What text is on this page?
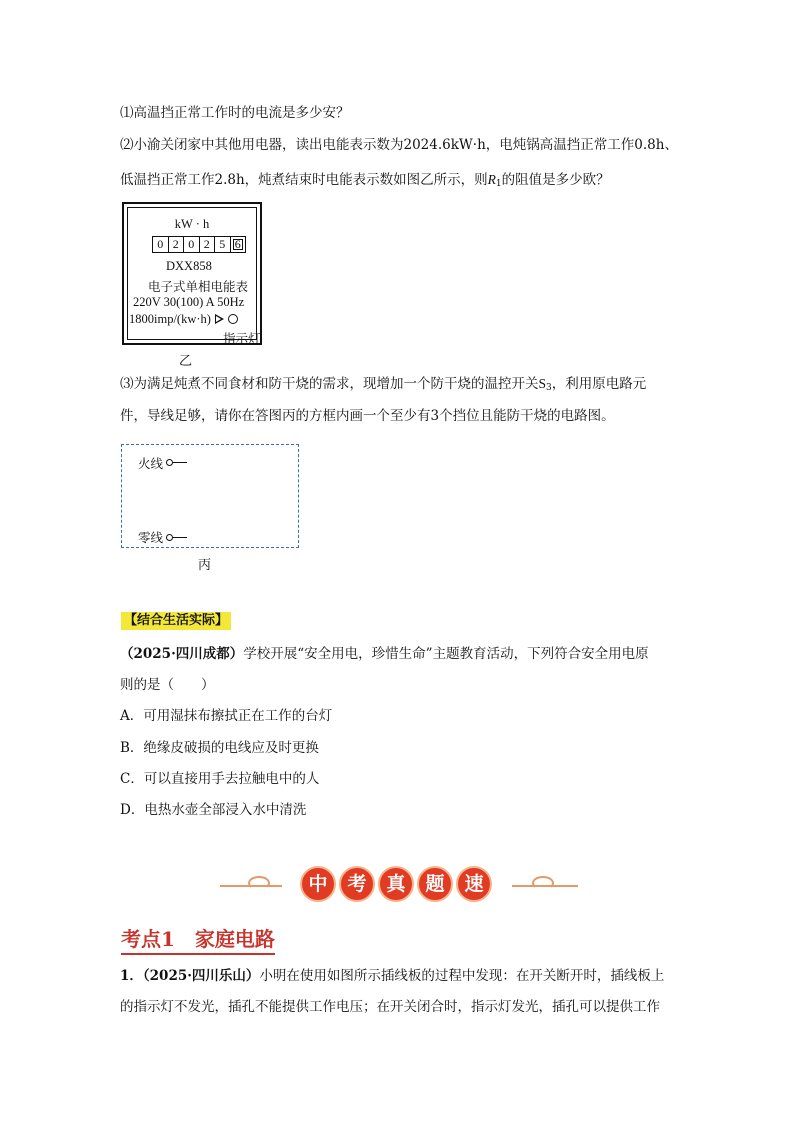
⑴高温挡正常工作时的电流是多少安？
⑵小渝关闭家中其他用电器，读出电能表示数为2024.6kW·h，电炖锅高温挡正常工作0.8h、
低温挡正常工作2.8h，炖煮结束时电能表示数如图乙所示，则$R_1$的阻值是多少欧？
kW · h
0 2 0 2 5 6
DXX858
电子式单相电能表
220V 30(100) A 50Hz
1800imp/(kw·h)
指示灯
乙
⑶为满足炖煮不同食材和防干烧的需求，现增加一个防干烧的温控开关$S_3$，利用原电路元
件，导线足够，请你在答图丙的方框内画一个至少有3个挡位且能防干烧的电路图。
火线
零线
丙
【结合生活实际】
（2025·四川成都）学校开展“安全用电，珍惜生命”主题教育活动，下列符合安全用电原
则的是（　　）
A．可用湿抹布擦拭正在工作的台灯
B．绝缘皮破损的电线应及时更换
C．可以直接用手去拉触电中的人
D．电热水壶全部浸入水中清洗
中	考	真	题	速
考点1　家庭电路
1．（2025·四川乐山）小明在使用如图所示插线板的过程中发现：在开关断开时，插线板上
的指示灯不发光，插孔不能提供工作电压；在开关闭合时，指示灯发光，插孔可以提供工作
